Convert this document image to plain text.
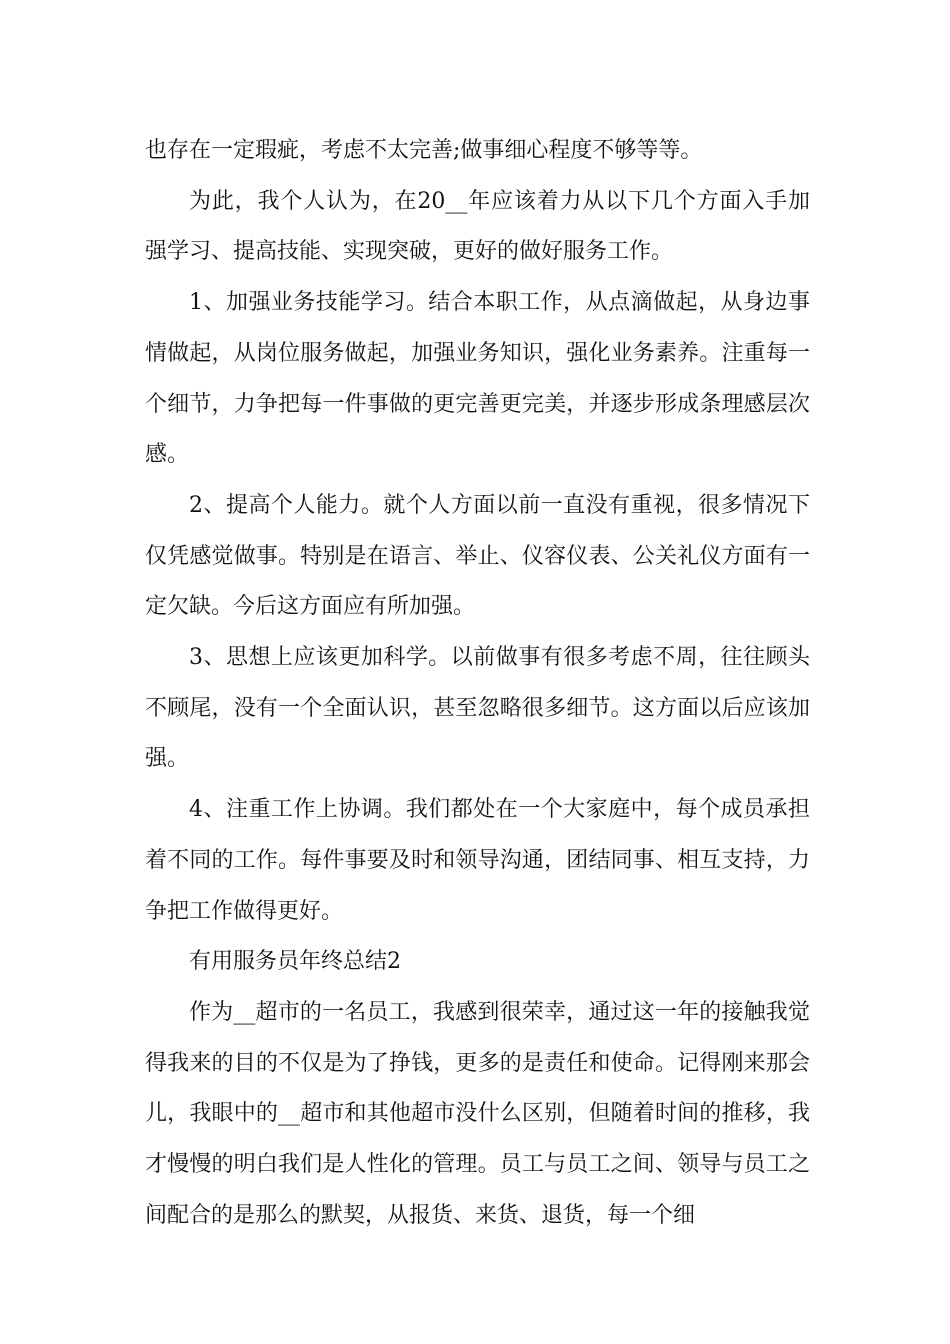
也存在一定瑕疵，考虑不太完善;做事细心程度不够等等。

为此，我个人认为，在20__年应该着力从以下几个方面入手加强学习、提高技能、实现突破，更好的做好服务工作。

1、加强业务技能学习。结合本职工作，从点滴做起，从身边事情做起，从岗位服务做起，加强业务知识，强化业务素养。注重每一个细节，力争把每一件事做的更完善更完美，并逐步形成条理感层次感。

2、提高个人能力。就个人方面以前一直没有重视，很多情况下仅凭感觉做事。特别是在语言、举止、仪容仪表、公关礼仪方面有一定欠缺。今后这方面应有所加强。

3、思想上应该更加科学。以前做事有很多考虑不周，往往顾头不顾尾，没有一个全面认识，甚至忽略很多细节。这方面以后应该加强。

4、注重工作上协调。我们都处在一个大家庭中，每个成员承担着不同的工作。每件事要及时和领导沟通，团结同事、相互支持，力争把工作做得更好。

有用服务员年终总结2

作为__超市的一名员工，我感到很荣幸，通过这一年的接触我觉得我来的目的不仅是为了挣钱，更多的是责任和使命。记得刚来那会儿，我眼中的__超市和其他超市没什么区别，但随着时间的推移，我才慢慢的明白我们是人性化的管理。员工与员工之间、领导与员工之间配合的是那么的默契，从报货、来货、退货，每一个细
